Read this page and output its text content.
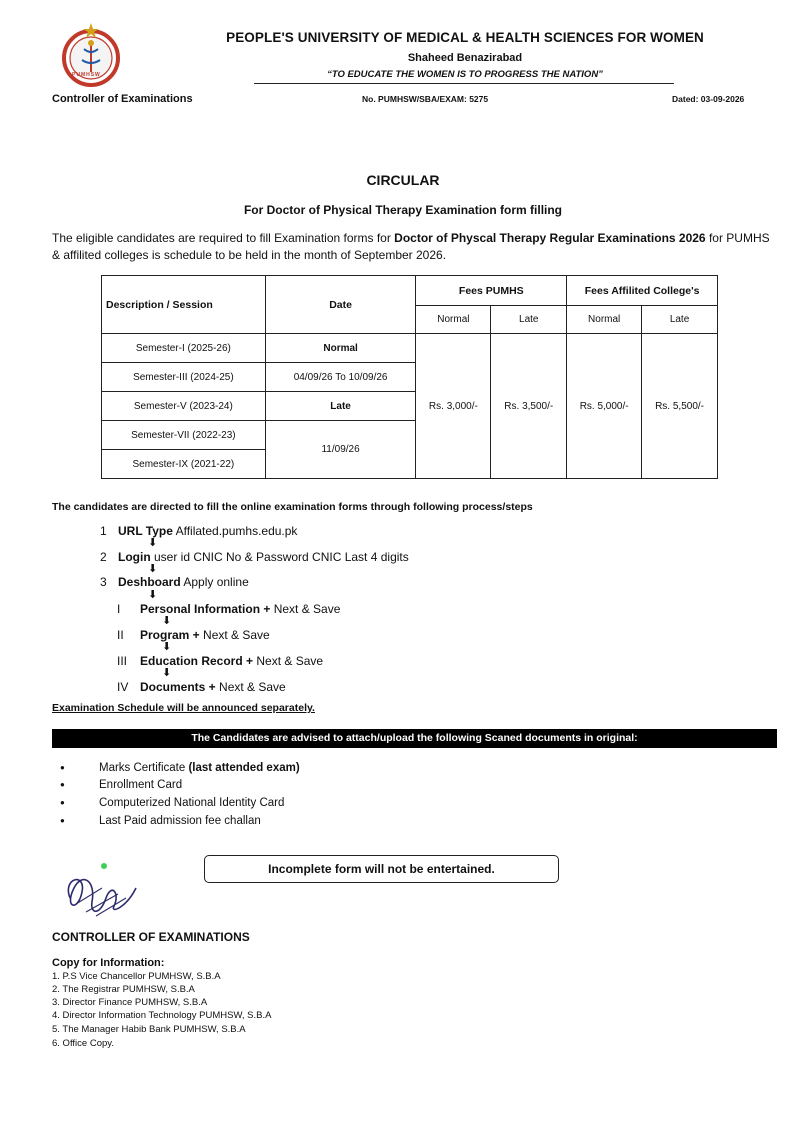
PUMHSW
PEOPLE'S UNIVERSITY OF MEDICAL & HEALTH SCIENCES FOR WOMEN
Shaheed Benazirabad
“TO EDUCATE THE WOMEN IS TO PROGRESS THE NATION”
Controller of Examinations	No. PUMHSW/SBA/EXAM: 5275	Dated: 03-09-2026
CIRCULAR
For Doctor of Physical Therapy Examination form filling
The eligible candidates are required to fill Examination forms for Doctor of Physcal Therapy Regular Examinations 2026 for PUMHS & affilited colleges is schedule to be held in the month of September 2026.
Description / Session	Date	Fees PUMHS		Fees Affilited College's	
		Normal	Late	Normal	Late
Semester-I (2025-26)	Normal	Rs. 3,000/-	Rs. 3,500/-	Rs. 5,000/-	Rs. 5,500/-
Semester-III (2024-25)	04/09/26 To 10/09/26				
Semester-V (2023-24)	Late				
Semester-VII (2022-23)	11/09/26				
Semester-IX (2021-22)					
The candidates are directed to fill the online examination forms through following process/steps
1 URL Type Affilated.pumhs.edu.pk
⬇
2 Login user id CNIC No & Password CNIC Last 4 digits
⬇
3 Deshboard Apply online
⬇
I Personal Information + Next & Save
⬇
II Program + Next & Save
⬇
III Education Record + Next & Save
⬇
IV Documents + Next & Save
Examination Schedule will be announced separately.
The Candidates are advised to attach/upload the following Scaned documents in original:
●	Marks Certificate (last attended exam)
●	Enrollment Card
●	Computerized National Identity Card
●	Last Paid admission fee challan
Incomplete form will not be entertained.
CONTROLLER OF EXAMINATIONS
Copy for Information:
1. P.S Vice Chancellor PUMHSW, S.B.A
2. The Registrar PUMHSW, S.B.A
3. Director Finance PUMHSW, S.B.A
4. Director Information Technology PUMHSW, S.B.A
5. The Manager Habib Bank PUMHSW, S.B.A
6. Office Copy.
